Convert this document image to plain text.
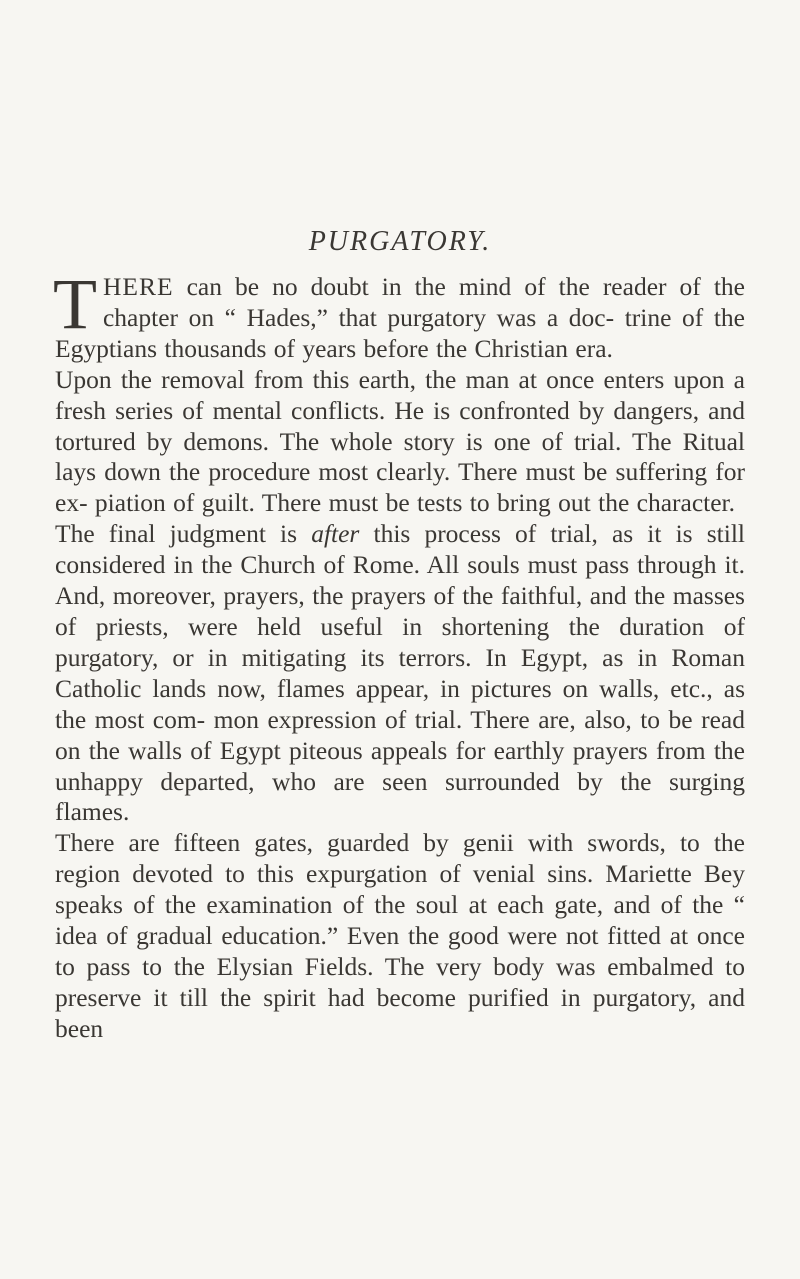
PURGATORY.

THERE can be no doubt in the mind of the reader of the chapter on “ Hades,” that purgatory was a doc- trine of the Egyptians thousands of years before the Christian era.

Upon the removal from this earth, the man at once enters upon a fresh series of mental conflicts. He is confronted by dangers, and tortured by demons. The whole story is one of trial. The Ritual lays down the procedure most clearly. There must be suffering for ex- piation of guilt. There must be tests to bring out the character.

The final judgment is after this process of trial, as it is still considered in the Church of Rome. All souls must pass through it. And, moreover, prayers, the prayers of the faithful, and the masses of priests, were held useful in shortening the duration of purgatory, or in mitigating its terrors. In Egypt, as in Roman Catholic lands now, flames appear, in pictures on walls, etc., as the most com- mon expression of trial. There are, also, to be read on the walls of Egypt piteous appeals for earthly prayers from the unhappy departed, who are seen surrounded by the surging flames.

There are fifteen gates, guarded by genii with swords, to the region devoted to this expurgation of venial sins. Mariette Bey speaks of the examination of the soul at each gate, and of the “ idea of gradual education.” Even the good were not fitted at once to pass to the Elysian Fields. The very body was embalmed to preserve it till the spirit had become purified in purgatory, and been
